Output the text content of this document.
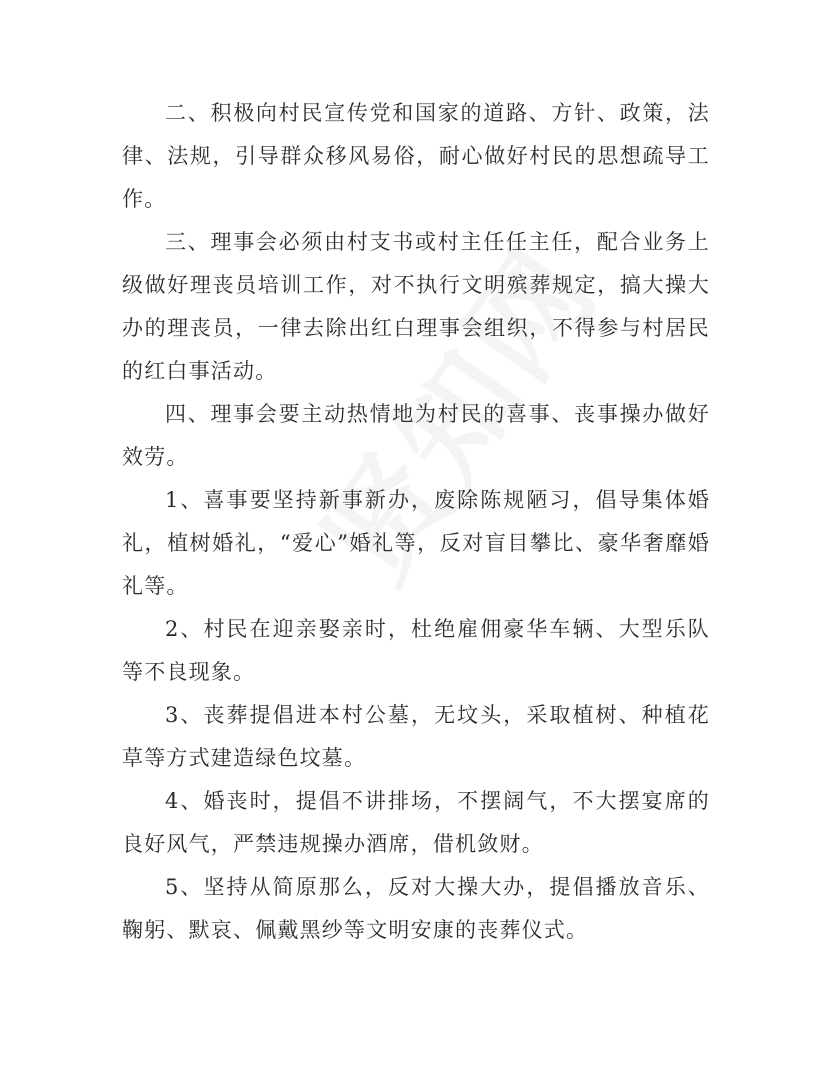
二、积极向村民宣传党和国家的道路、方针、政策，法律、法规，引导群众移风易俗，耐心做好村民的思想疏导工作。

三、理事会必须由村支书或村主任任主任，配合业务上级做好理丧员培训工作，对不执行文明殡葬规定，搞大操大办的理丧员，一律去除出红白理事会组织，不得参与村居民的红白事活动。

四、理事会要主动热情地为村民的喜事、丧事操办做好效劳。

1、喜事要坚持新事新办，废除陈规陋习，倡导集体婚礼，植树婚礼，“爱心”婚礼等，反对盲目攀比、豪华奢靡婚礼等。

2、村民在迎亲娶亲时，杜绝雇佣豪华车辆、大型乐队等不良现象。

3、丧葬提倡进本村公墓，无坟头，采取植树、种植花草等方式建造绿色坟墓。

4、婚丧时，提倡不讲排场，不摆阔气，不大摆宴席的良好风气，严禁违规操办酒席，借机敛财。

5、坚持从简原那么，反对大操大办，提倡播放音乐、鞠躬、默哀、佩戴黑纱等文明安康的丧葬仪式。
